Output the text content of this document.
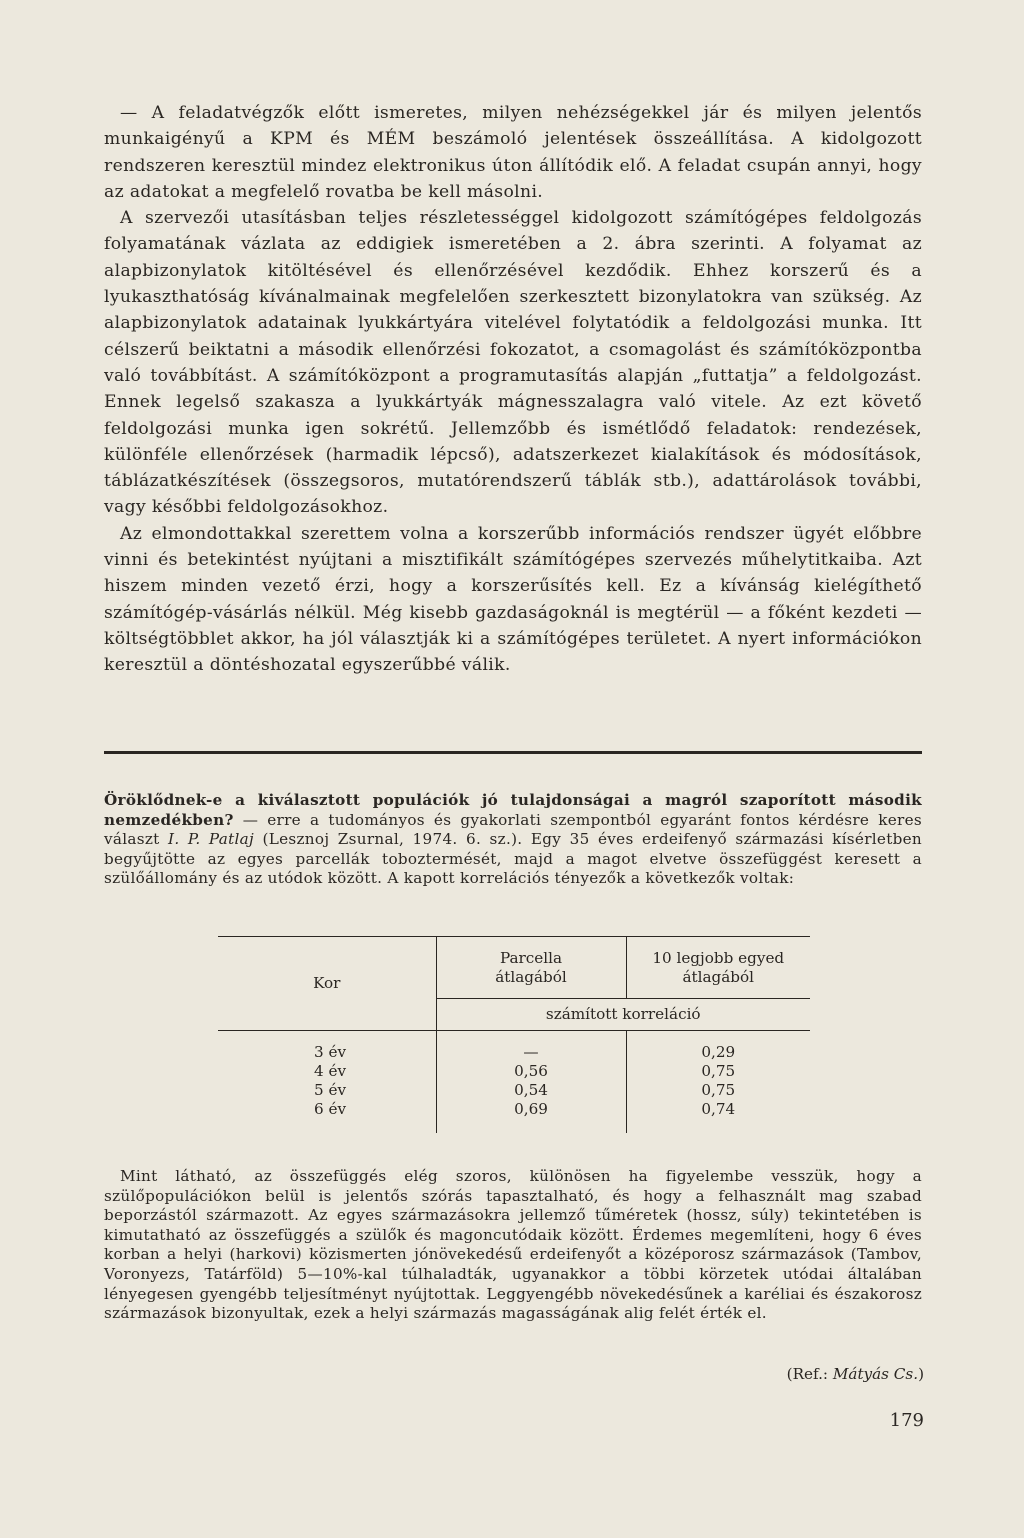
— A feladatvégzők előtt ismeretes, milyen nehézségekkel jár és milyen jelentős munkaigényű a KPM és MÉM beszámoló jelentések összeállítása. A kidolgozott rendszeren keresztül mindez elektronikus úton állítódik elő. A feladat csupán annyi, hogy az adatokat a megfelelő rovatba be kell másolni.

A szervezői utasításban teljes részletességgel kidolgozott számítógépes feldolgozás folyamatának vázlata az eddigiek ismeretében a 2. ábra szerinti. A folyamat az alapbizonylatok kitöltésével és ellenőrzésével kezdődik. Ehhez korszerű és a lyukaszthatóság kívánalmainak megfelelően szerkesztett bizonylatokra van szükség. Az alapbizonylatok adatainak lyukkártyára vitelével folytatódik a feldolgozási munka. Itt célszerű beiktatni a második ellenőrzési fokozatot, a csomagolást és számítóközpontba való továbbítást. A számítóközpont a programutasítás alapján „futtatja” a feldolgozást. Ennek legelső szakasza a lyukkártyák mágnesszalagra való vitele. Az ezt követő feldolgozási munka igen sokrétű. Jellemzőbb és ismétlődő feladatok: rendezések, különféle ellenőrzések (harmadik lépcső), adatszerkezet kialakítások és módosítások, táblázatkészítések (összegsoros, mutatórendszerű táblák stb.), adattárolások további, vagy későbbi feldolgozásokhoz.

Az elmondottakkal szerettem volna a korszerűbb információs rendszer ügyét előbbre vinni és betekintést nyújtani a misztifikált számítógépes szervezés műhelytitkaiba. Azt hiszem minden vezető érzi, hogy a korszerűsítés kell. Ez a kívánság kielégíthető számítógép-vásárlás nélkül. Még kisebb gazdaságoknál is megtérül — a főként kezdeti — költségtöbblet akkor, ha jól választják ki a számítógépes területet. A nyert információkon keresztül a döntéshozatal egyszerűbbé válik.

Öröklődnek-e a kiválasztott populációk jó tulajdonságai a magról szaporított második nemzedékben? — erre a tudományos és gyakorlati szempontból egyaránt fontos kérdésre keres választ I. P. Patlaj (Lesznoj Zsurnal, 1974. 6. sz.). Egy 35 éves erdeifenyő származási kísérletben begyűjtötte az egyes parcellák toboztermését, majd a magot elvetve összefüggést keresett a szülőállomány és az utódok között. A kapott korrelációs tényezők a következők voltak:

Kor	Parcella átlagából	10 legjobb egyed átlagából

	számított korreláció	

3 év	—	0,29
4 év	0,56	0,75
5 év	0,54	0,75
6 év	0,69	0,74

Mint látható, az összefüggés elég szoros, különösen ha figyelembe vesszük, hogy a szülőpopulációkon belül is jelentős szórás tapasztalható, és hogy a felhasznált mag szabad beporzástól származott. Az egyes származásokra jellemző tűméretek (hossz, súly) tekintetében is kimutatható az összefüggés a szülők és magoncutódaik között. Érdemes megemlíteni, hogy 6 éves korban a helyi (harkovi) közismerten jónövekedésű erdeifenyőt a középorosz származások (Tambov, Voronyezs, Tatárföld) 5—10%-kal túlhaladták, ugyanakkor a többi körzetek utódai általában lényegesen gyengébb teljesítményt nyújtottak. Leggyengébb növekedésűnek a karéliai és északorosz származások bizonyultak, ezek a helyi származás magasságának alig felét érték el.

(Ref.: Mátyás Cs.)
179
